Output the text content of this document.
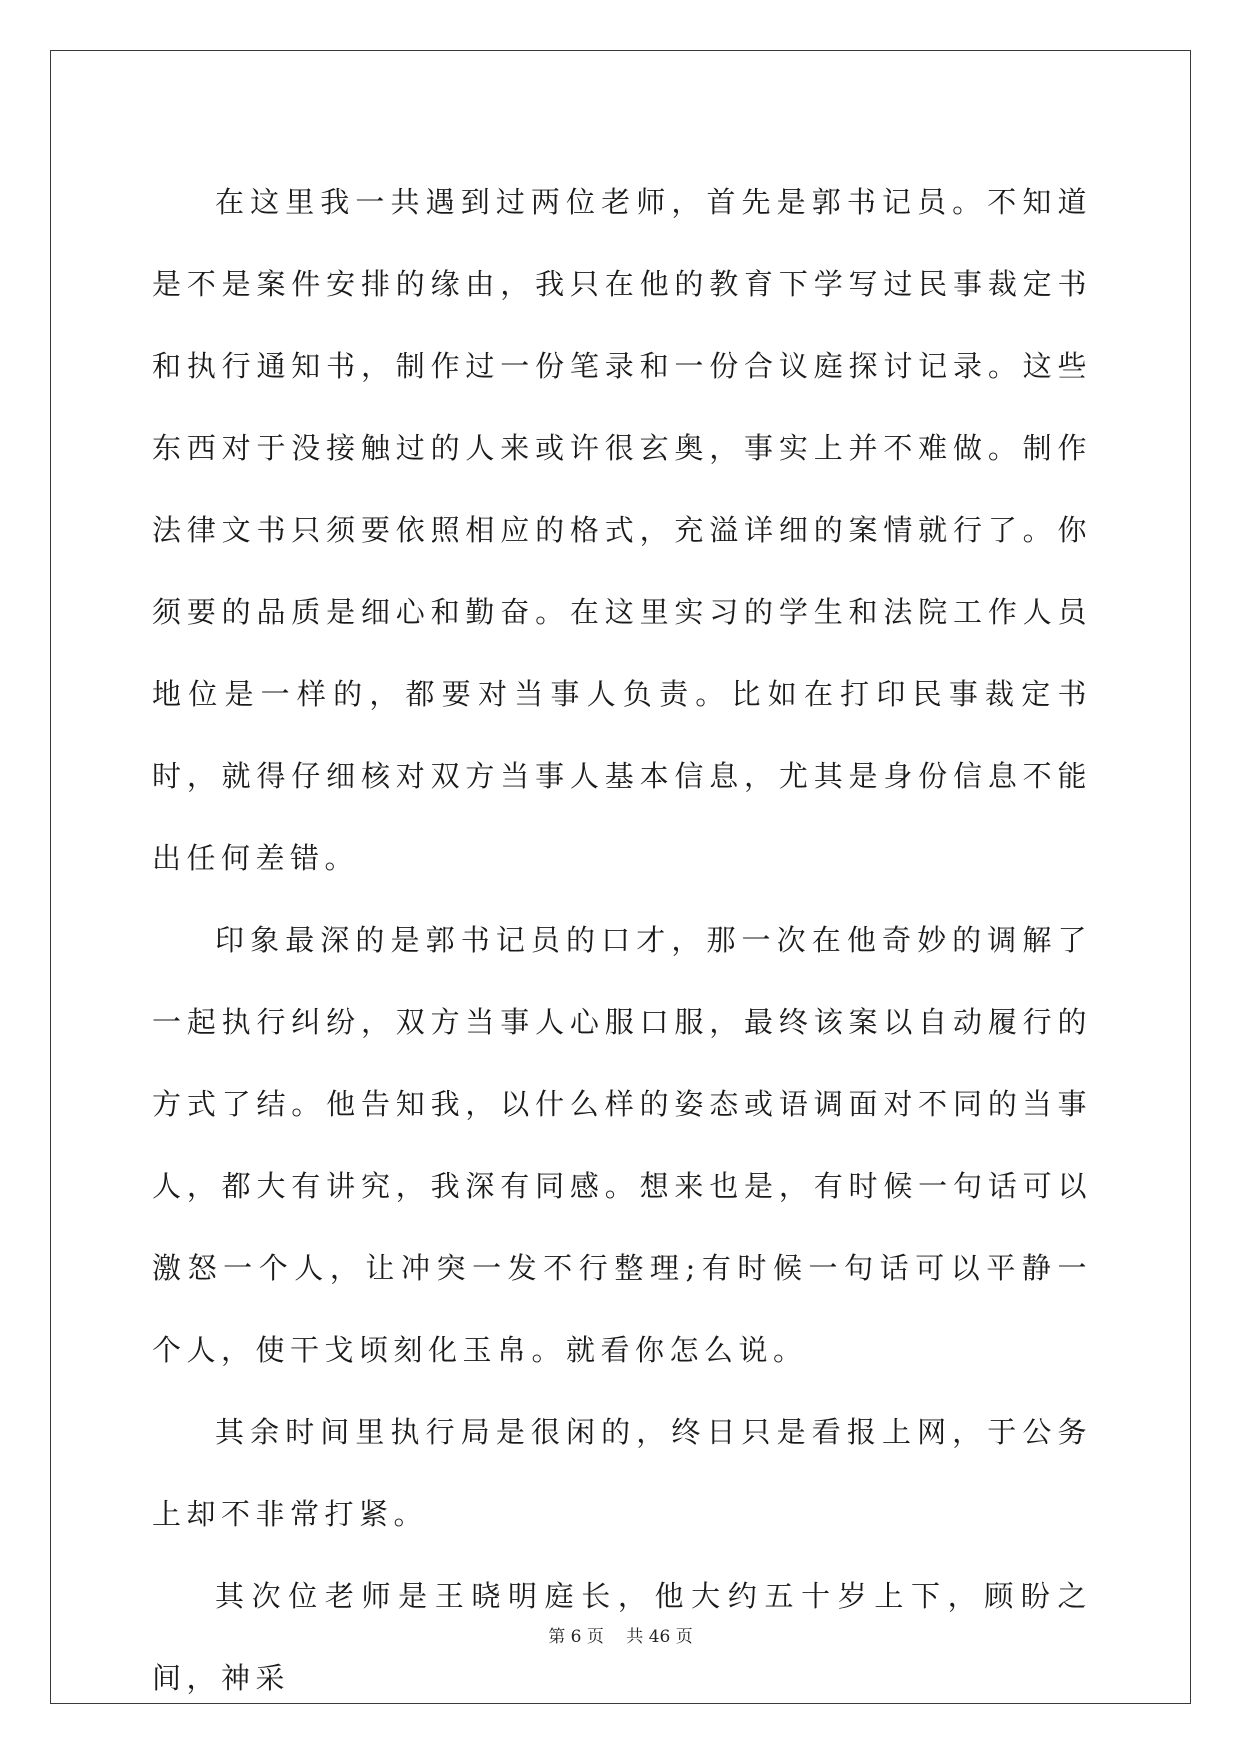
在这里我一共遇到过两位老师，首先是郭书记员。不知道是不是案件安排的缘由，我只在他的教育下学写过民事裁定书和执行通知书，制作过一份笔录和一份合议庭探讨记录。这些东西对于没接触过的人来或许很玄奥，事实上并不难做。制作法律文书只须要依照相应的格式，充溢详细的案情就行了。你须要的品质是细心和勤奋。在这里实习的学生和法院工作人员地位是一样的，都要对当事人负责。比如在打印民事裁定书时，就得仔细核对双方当事人基本信息，尤其是身份信息不能出任何差错。

印象最深的是郭书记员的口才，那一次在他奇妙的调解了一起执行纠纷，双方当事人心服口服，最终该案以自动履行的方式了结。他告知我，以什么样的姿态或语调面对不同的当事人，都大有讲究，我深有同感。想来也是，有时候一句话可以激怒一个人，让冲突一发不行整理;有时候一句话可以平静一个人，使干戈顷刻化玉帛。就看你怎么说。

其余时间里执行局是很闲的，终日只是看报上网，于公务上却不非常打紧。

其次位老师是王晓明庭长，他大约五十岁上下，顾盼之间，神采

第 6 页　 共 46 页
